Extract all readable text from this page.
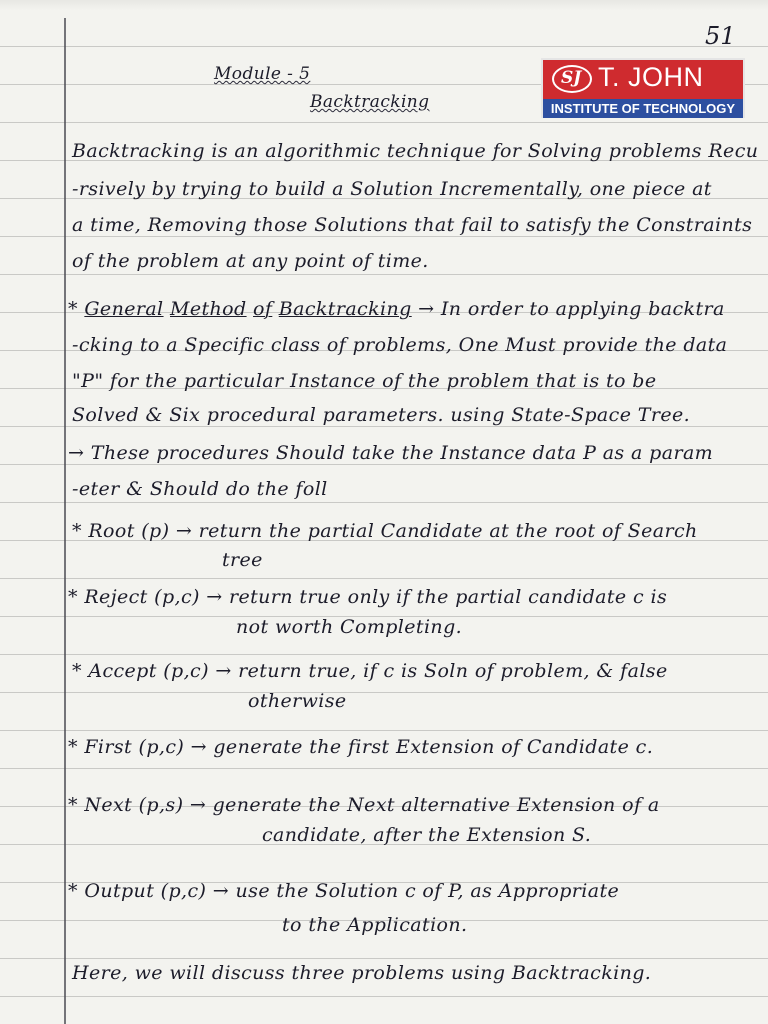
51
SJ T. JOHN
INSTITUTE OF TECHNOLOGY
Module - 5
Backtracking
Backtracking is an algorithmic technique for Solving problems Recu
-rsively by trying to build a Solution Incrementally, one piece at
a time, Removing those Solutions that fail to satisfy the Constraints
of the problem at any point of time.
* General Method of Backtracking → In order to applying backtra
-cking to a Specific class of problems, One Must provide the data
"P" for the particular Instance of the problem that is to be
Solved & Six procedural parameters. using State-Space Tree.
→ These procedures Should take the Instance data P as a param
-eter & Should do the foll
* Root (p) → return the partial Candidate at the root of Search
tree
* Reject (p,c) → return true only if the partial candidate c is
not worth Completing.
* Accept (p,c) → return true, if c is Soln of problem, & false
otherwise
* First (p,c) → generate the first Extension of Candidate c.
* Next (p,s) → generate the Next alternative Extension of a
candidate, after the Extension S.
* Output (p,c) → use the Solution c of P, as Appropriate
to the Application.
Here, we will discuss three problems using Backtracking.
